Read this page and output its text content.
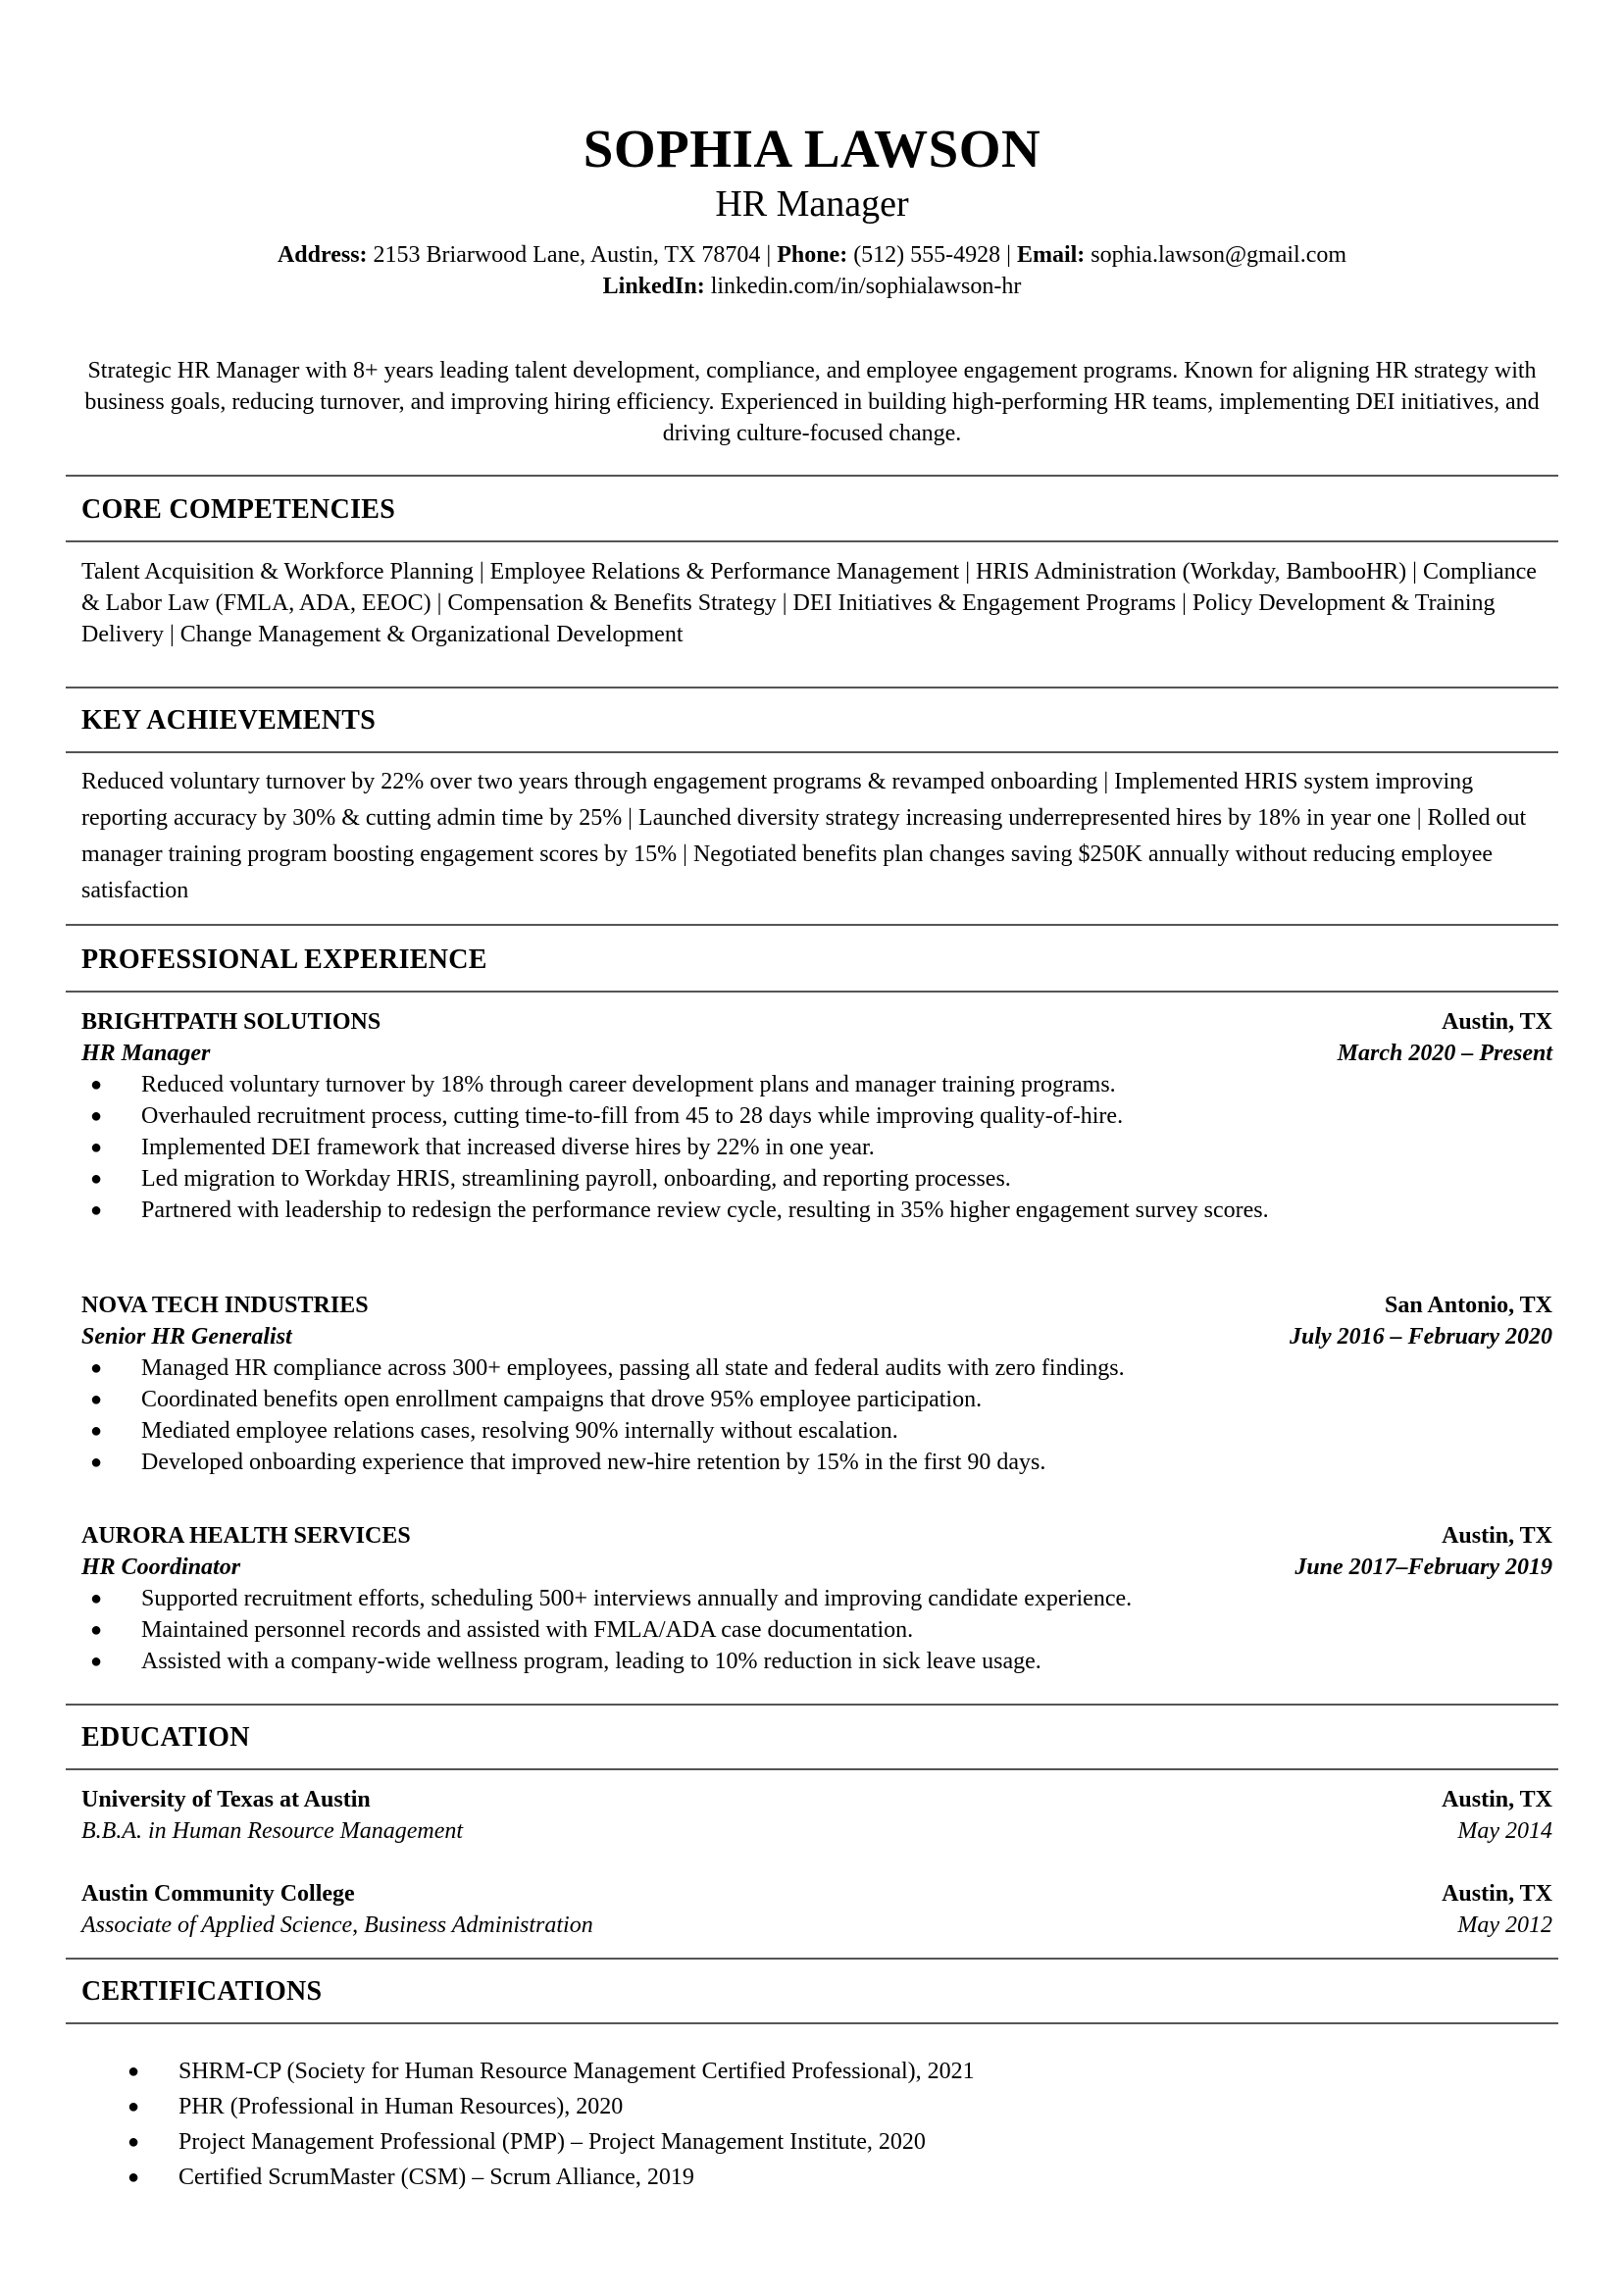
SOPHIA LAWSON
HR Manager
Address: 2153 Briarwood Lane, Austin, TX 78704 | Phone: (512) 555-4928 | Email: sophia.lawson@gmail.com
LinkedIn: linkedin.com/in/sophialawson-hr
Strategic HR Manager with 8+ years leading talent development, compliance, and employee engagement programs. Known for aligning HR strategy with business goals, reducing turnover, and improving hiring efficiency. Experienced in building high-performing HR teams, implementing DEI initiatives, and driving culture-focused change.
CORE COMPETENCIES
Talent Acquisition & Workforce Planning | Employee Relations & Performance Management | HRIS Administration (Workday, BambooHR) | Compliance & Labor Law (FMLA, ADA, EEOC) | Compensation & Benefits Strategy | DEI Initiatives & Engagement Programs | Policy Development & Training Delivery | Change Management & Organizational Development
KEY ACHIEVEMENTS
Reduced voluntary turnover by 22% over two years through engagement programs & revamped onboarding | Implemented HRIS system improving reporting accuracy by 30% & cutting admin time by 25% | Launched diversity strategy increasing underrepresented hires by 18% in year one | Rolled out manager training program boosting engagement scores by 15% | Negotiated benefits plan changes saving $250K annually without reducing employee satisfaction
PROFESSIONAL EXPERIENCE
BRIGHTPATH SOLUTIONS	Austin, TX
HR Manager	March 2020 – Present
● Reduced voluntary turnover by 18% through career development plans and manager training programs.
● Overhauled recruitment process, cutting time-to-fill from 45 to 28 days while improving quality-of-hire.
● Implemented DEI framework that increased diverse hires by 22% in one year.
● Led migration to Workday HRIS, streamlining payroll, onboarding, and reporting processes.
● Partnered with leadership to redesign the performance review cycle, resulting in 35% higher engagement survey scores.
NOVA TECH INDUSTRIES	San Antonio, TX
Senior HR Generalist	July 2016 – February 2020
● Managed HR compliance across 300+ employees, passing all state and federal audits with zero findings.
● Coordinated benefits open enrollment campaigns that drove 95% employee participation.
● Mediated employee relations cases, resolving 90% internally without escalation.
● Developed onboarding experience that improved new-hire retention by 15% in the first 90 days.
AURORA HEALTH SERVICES	Austin, TX
HR Coordinator	June 2017–February 2019
● Supported recruitment efforts, scheduling 500+ interviews annually and improving candidate experience.
● Maintained personnel records and assisted with FMLA/ADA case documentation.
● Assisted with a company-wide wellness program, leading to 10% reduction in sick leave usage.
EDUCATION
University of Texas at Austin	Austin, TX
B.B.A. in Human Resource Management	May 2014
Austin Community College	Austin, TX
Associate of Applied Science, Business Administration	May 2012
CERTIFICATIONS
● SHRM-CP (Society for Human Resource Management Certified Professional), 2021
● PHR (Professional in Human Resources), 2020
● Project Management Professional (PMP) – Project Management Institute, 2020
● Certified ScrumMaster (CSM) – Scrum Alliance, 2019
